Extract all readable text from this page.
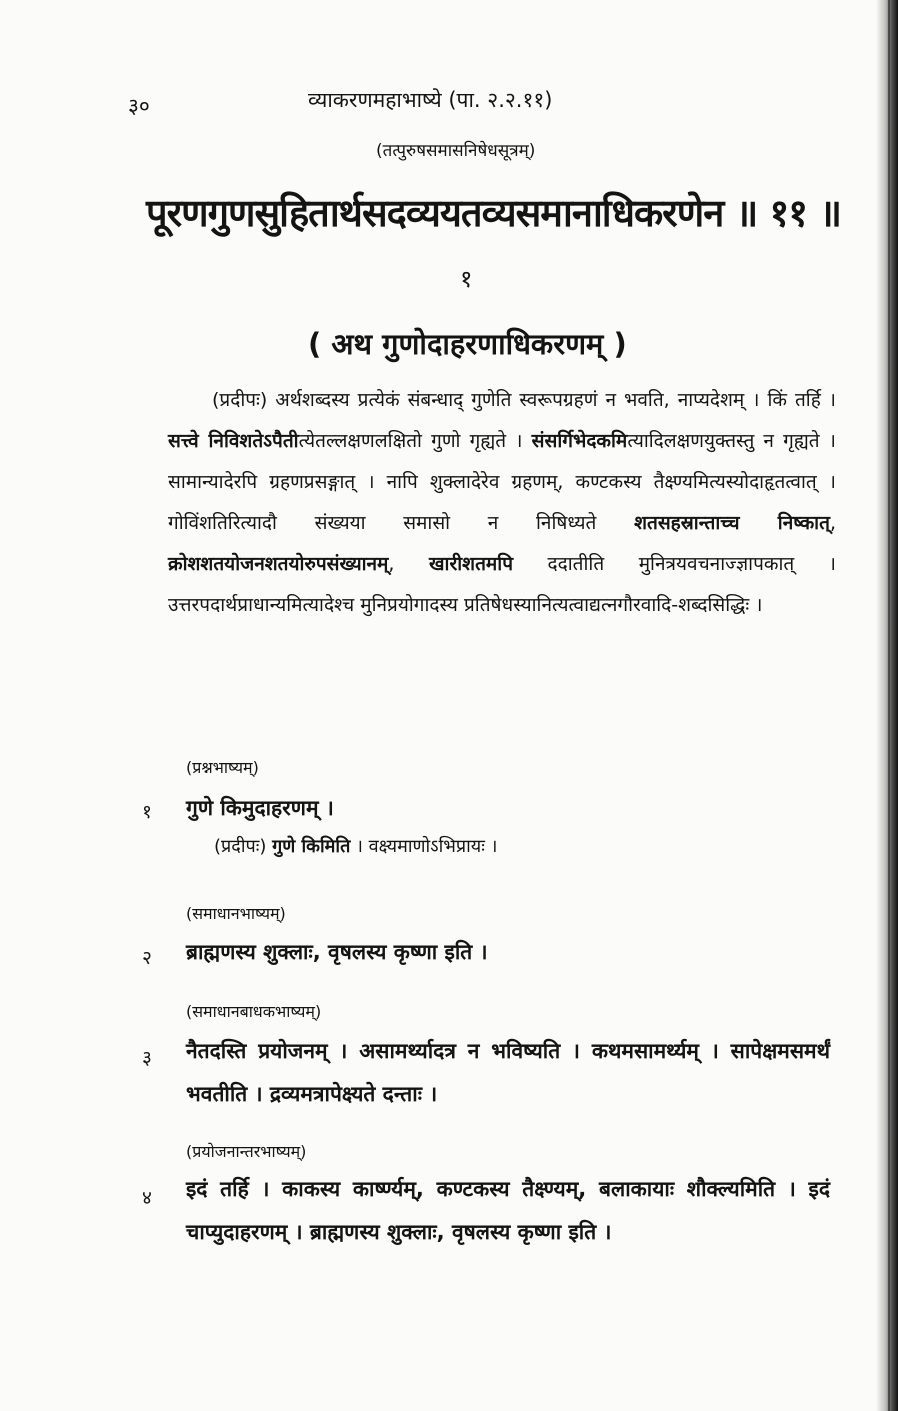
३०	व्याकरणमहाभाष्ये (पा. २.२.११)
(तत्पुरुषसमासनिषेधसूत्रम्)
पूरणगुणसुहितार्थसदव्ययतव्यसमानाधिकरणेन ॥ ११ ॥
१
( अथ गुणोदाहरणाधिकरणम् )

(प्रदीपः) अर्थशब्दस्य प्रत्येकं संबन्धाद् गुणेति स्वरूपग्रहणं न भवति, नाप्यदेशम् । किं तर्हि । सत्त्वे निविशतेऽपैतीत्येतल्लक्षणलक्षितो गुणो गृह्यते । संसर्गिभेदकमित्यादिलक्षणयुक्तस्तु न गृह्यते । सामान्यादेरपि ग्रहणप्रसङ्गात् । नापि शुक्लादेरेव ग्रहणम्, कण्टकस्य तैक्ष्ण्यमित्यस्योदाहृतत्वात् । गोविंशतिरित्यादौ संख्यया समासो न निषिध्यते शतसहस्रान्ताच्च निष्कात्, क्रोशशतयोजनशतयोरुपसंख्यानम्, खारीशतमपि ददातीति मुनित्रयवचनाज्ज्ञापकात् । उत्तरपदार्थप्राधान्यमित्यादेश्च मुनिप्रयोगादस्य प्रतिषेधस्यानित्यत्वाद्यत्नगौरवादि-शब्दसिद्धिः ।

(प्रश्नभाष्यम्)
१ गुणे किमुदाहरणम् ।
(प्रदीपः) गुणे किमिति । वक्ष्यमाणोऽभिप्रायः ।
(समाधानभाष्यम्)
२ ब्राह्मणस्य शुक्लाः, वृषलस्य कृष्णा इति ।
(समाधानबाधकभाष्यम्)
३ नैतदस्ति प्रयोजनम् । असामर्थ्यादत्र न भविष्यति । कथमसामर्थ्यम् । सापेक्षमसमर्थं भवतीति । द्रव्यमत्रापेक्ष्यते दन्ताः ।
(प्रयोजनान्तरभाष्यम्)
४ इदं तर्हि । काकस्य कार्ष्ण्यम्, कण्टकस्य तैक्ष्ण्यम्, बलाकायाः शौक्ल्यमिति । इदं चाप्युदाहरणम् । ब्राह्मणस्य शुक्लाः, वृषलस्य कृष्णा इति ।
